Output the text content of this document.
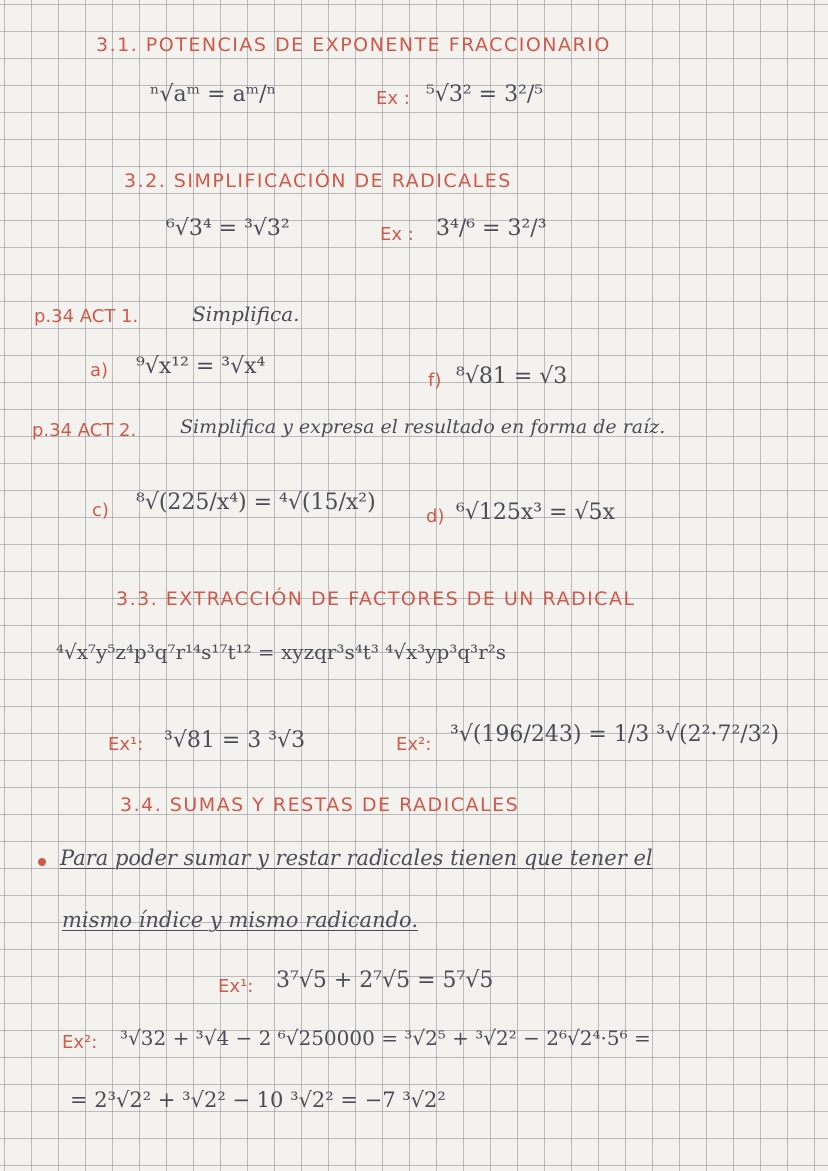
3.1. POTENCIAS DE EXPONENTE FRACCIONARIO
ⁿ√aᵐ = aᵐ/ⁿ	Ex : ⁵√3² = 3²/⁵
3.2. SIMPLIFICACIÓN DE RADICALES
⁶√3⁴ = ³√3²	Ex : 3⁴/⁶ = 3²/³
p.34 ACT 1.	Simplifica.
a) ⁹√x¹² = ³√x⁴
f) ⁸√81 = √3
p.34 ACT 2. Simplifica y expresa el resultado en forma de raíz.
c) ⁸√(225/x⁴) = ⁴√(15/x²)
d) ⁶√125x³ = √5x
3.3. EXTRACCIÓN DE FACTORES DE UN RADICAL
⁴√x⁷y⁵z⁴p³q⁷r¹⁴s¹⁷t¹² = xyzqr³s⁴t³ ⁴√x³yp³q³r²s
Ex¹: ³√81 = 3 ³√3	Ex²: ³√(196/243) = 1/3 ³√(2²·7²/3²)
3.4. SUMAS Y RESTAS DE RADICALES
Para poder sumar y restar radicales tienen que tener el
mismo índice y mismo radicando.
Ex¹: 3⁷√5 + 2⁷√5 = 5⁷√5
Ex²: ³√32 + ³√4 − 2 ⁶√250000 = ³√2⁵ + ³√2² − 2⁶√2⁴·5⁶ =
= 2³√2² + ³√2² − 10 ³√2² = −7 ³√2²
